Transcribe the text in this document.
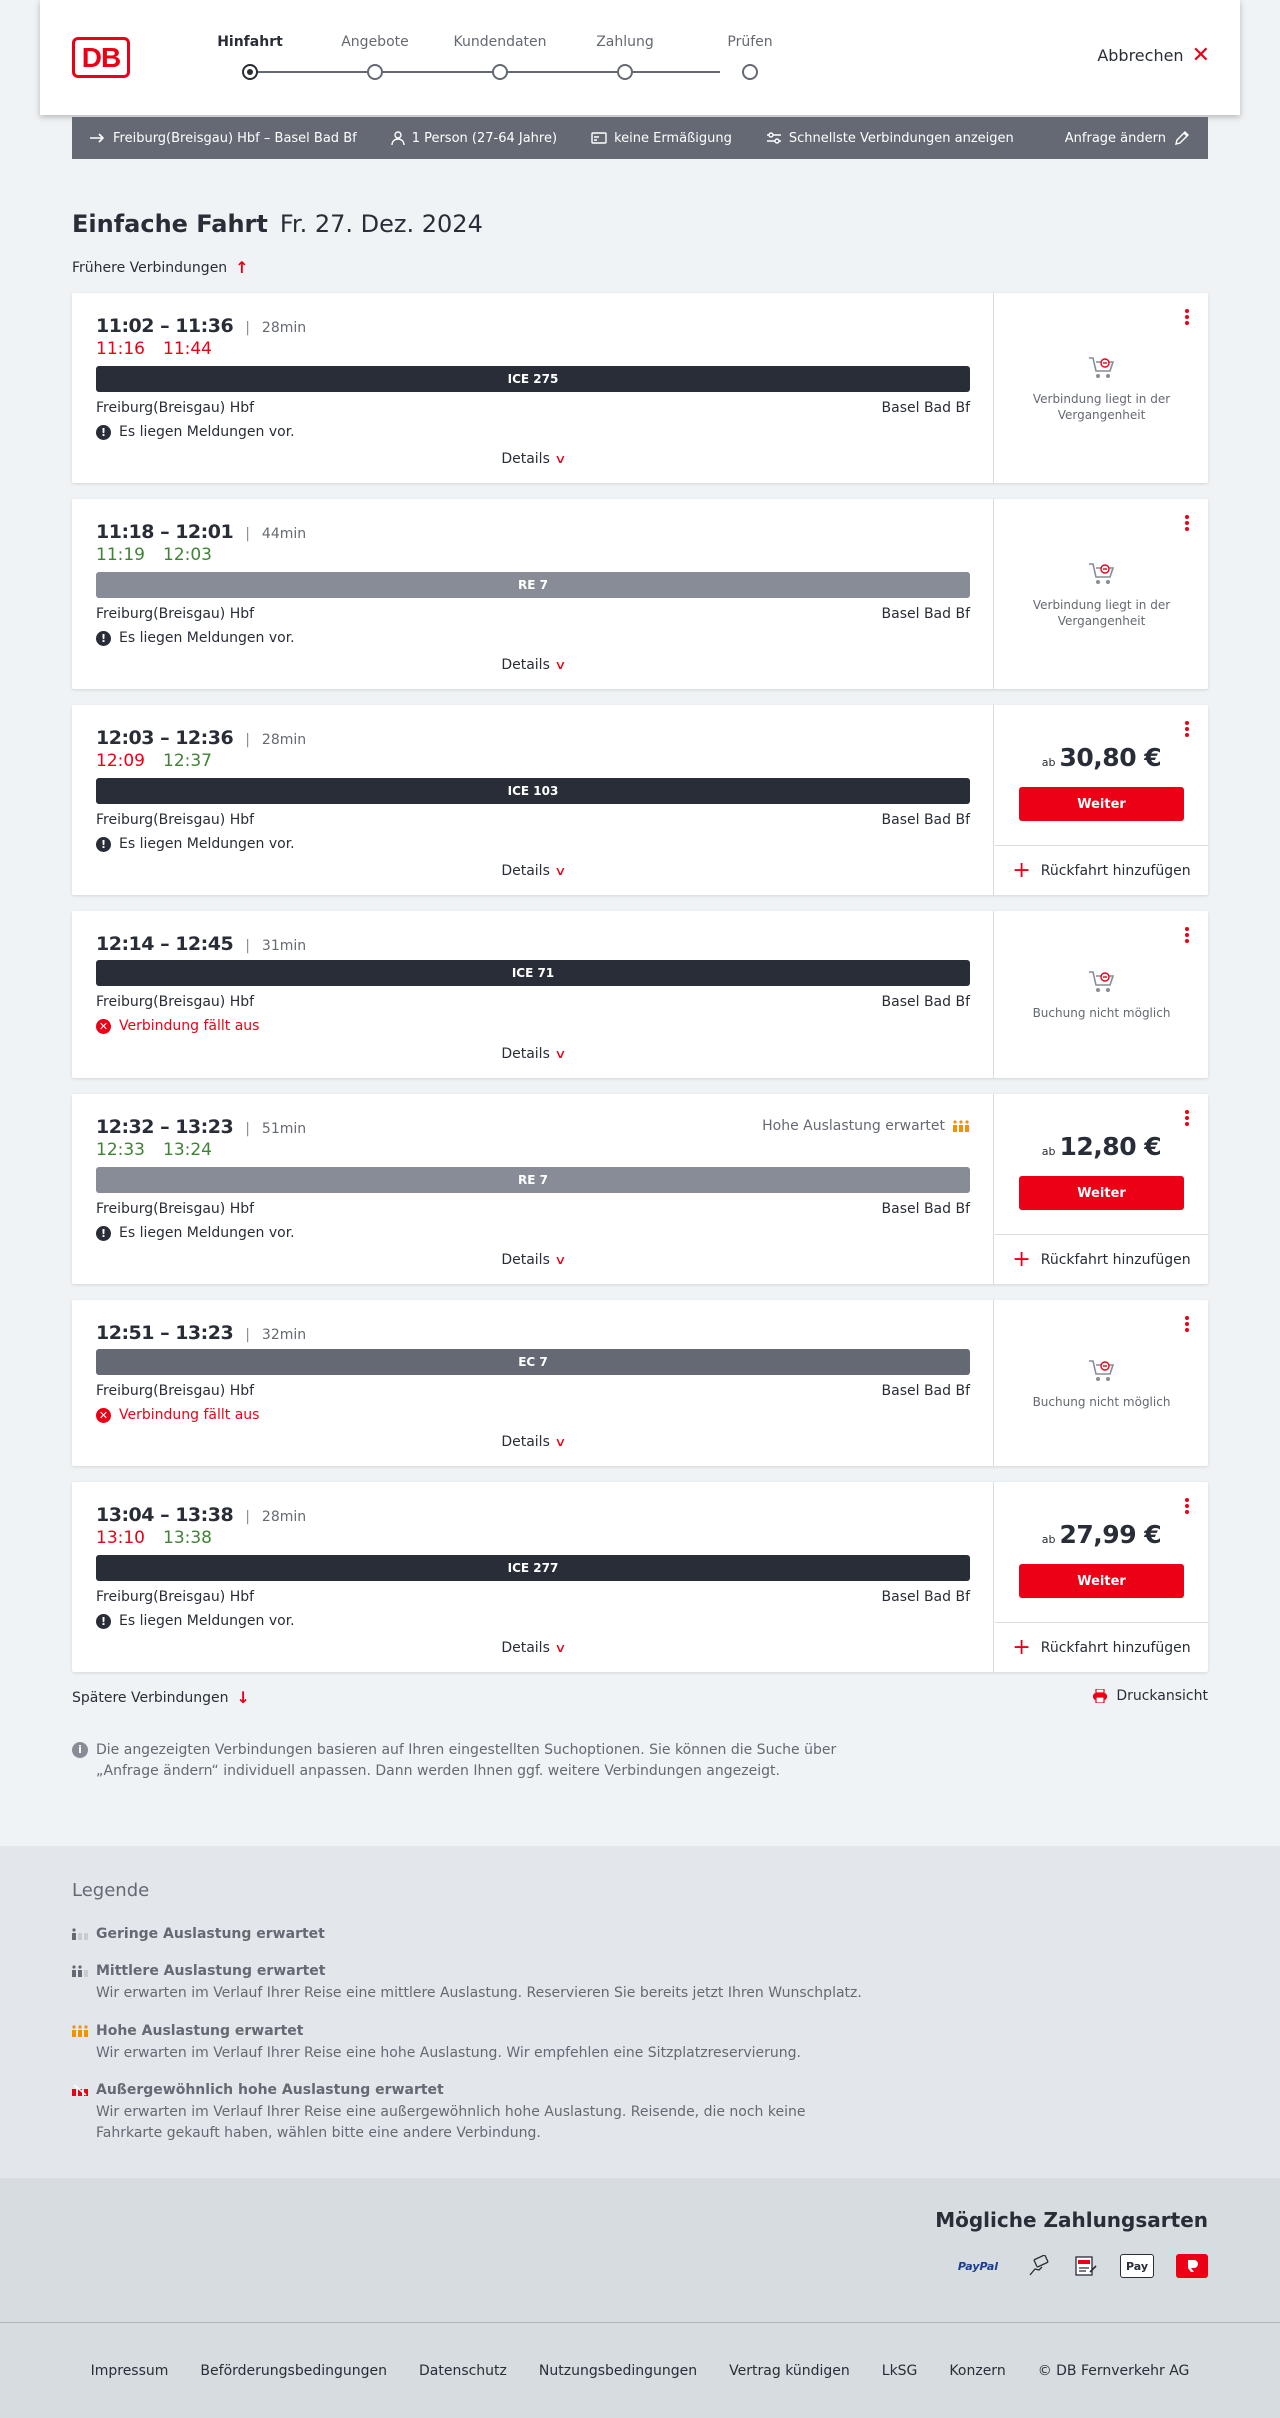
DB	Hinfahrt	Angebote	Kundendaten	Zahlung	Prüfen
Abbrechen ✕
Freiburg(Breisgau) Hbf – Basel Bad Bf	1 Person (27-64 Jahre)	keine Ermäßigung	Schnellste Verbindungen anzeigen	Anfrage ändern
Einfache Fahrt Fr. 27. Dez. 2024
Frühere Verbindungen ↑
11:02 – 11:36 | 28min
11:16 11:44
ICE 275
Freiburg(Breisgau) Hbf	Basel Bad Bf
! Es liegen Meldungen vor.
Details ∨
Verbindung liegt in der Vergangenheit
11:18 – 12:01 | 44min
11:19 12:03
RE 7
Freiburg(Breisgau) Hbf	Basel Bad Bf
! Es liegen Meldungen vor.
Details ∨
Verbindung liegt in der Vergangenheit
12:03 – 12:36 | 28min
12:09 12:37
ICE 103
Freiburg(Breisgau) Hbf	Basel Bad Bf
! Es liegen Meldungen vor.
Details ∨
ab 30,80 €
Weiter
+ Rückfahrt hinzufügen
12:14 – 12:45 | 31min
ICE 71
Freiburg(Breisgau) Hbf	Basel Bad Bf
✕ Verbindung fällt aus
Details ∨
Buchung nicht möglich
12:32 – 13:23 | 51min	Hohe Auslastung erwartet
12:33 13:24
RE 7
Freiburg(Breisgau) Hbf	Basel Bad Bf
! Es liegen Meldungen vor.
Details ∨
ab 12,80 €
Weiter
+ Rückfahrt hinzufügen
12:51 – 13:23 | 32min
EC 7
Freiburg(Breisgau) Hbf	Basel Bad Bf
✕ Verbindung fällt aus
Details ∨
Buchung nicht möglich
13:04 – 13:38 | 28min
13:10 13:38
ICE 277
Freiburg(Breisgau) Hbf	Basel Bad Bf
! Es liegen Meldungen vor.
Details ∨
ab 27,99 €
Weiter
+ Rückfahrt hinzufügen
Spätere Verbindungen ↓	Druckansicht
i	Die angezeigten Verbindungen basieren auf Ihren eingestellten Suchoptionen. Sie können die Suche über „Anfrage ändern“ individuell anpassen. Dann werden Ihnen ggf. weitere Verbindungen angezeigt.
Legende
Geringe Auslastung erwartet
Mittlere Auslastung erwartet
Wir erwarten im Verlauf Ihrer Reise eine mittlere Auslastung. Reservieren Sie bereits jetzt Ihren Wunschplatz.
Hohe Auslastung erwartet
Wir erwarten im Verlauf Ihrer Reise eine hohe Auslastung. Wir empfehlen eine Sitzplatzreservierung.
Außergewöhnlich hohe Auslastung erwartet
Wir erwarten im Verlauf Ihrer Reise eine außergewöhnlich hohe Auslastung. Reisende, die noch keine Fahrkarte gekauft haben, wählen bitte eine andere Verbindung.
Mögliche Zahlungsarten
PayPal	Pay
Impressum Beförderungsbedingungen Datenschutz Nutzungsbedingungen Vertrag kündigen LkSG Konzern © DB Fernverkehr AG
